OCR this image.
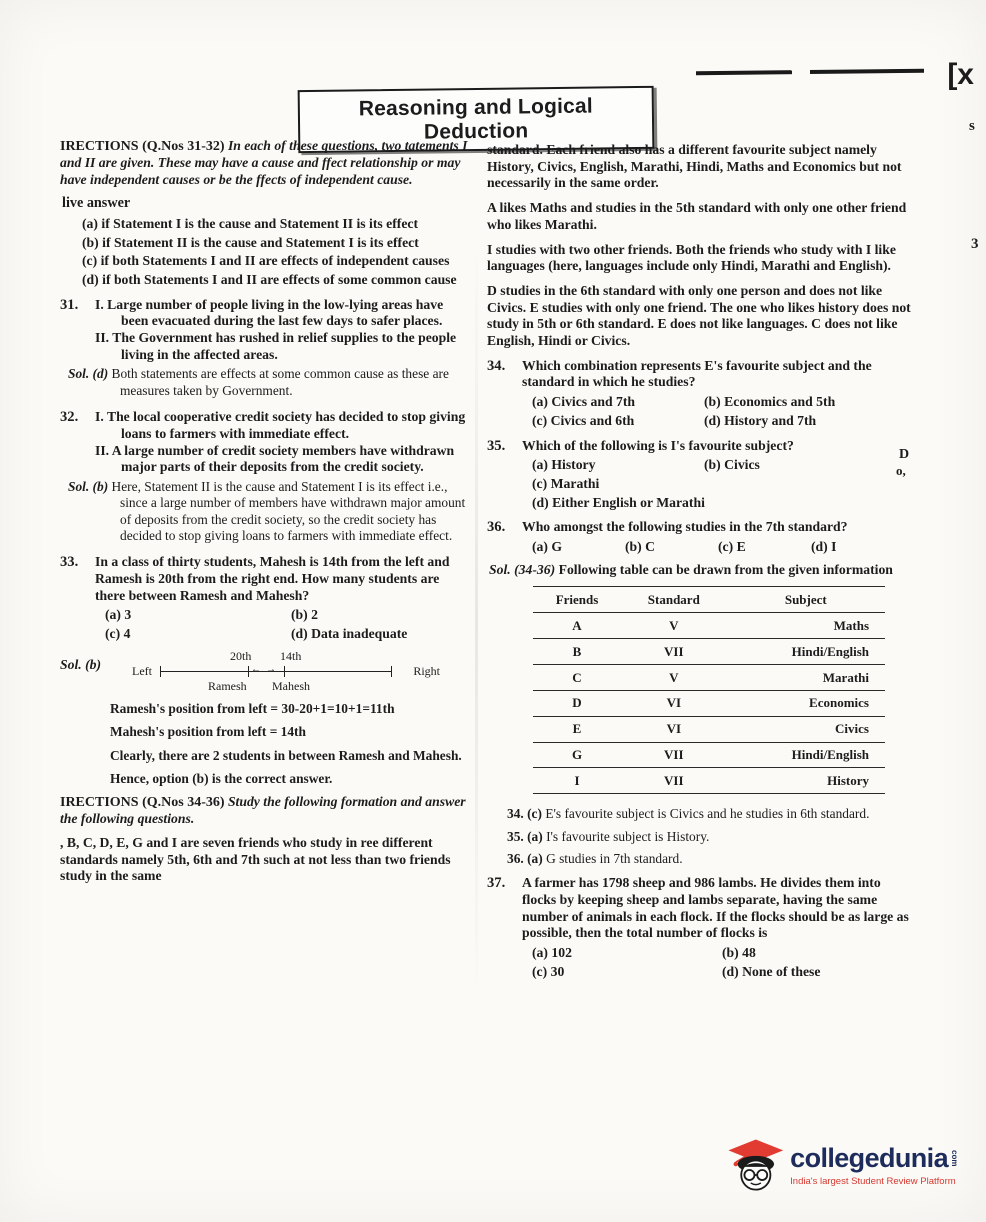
[x
s
3
D
o,
Reasoning and Logical Deduction
IRECTIONS (Q.Nos 31-32) In each of these questions, two tatements I and II are given. These may have a cause and ffect relationship or may have independent causes or be the ffects of independent cause.

live answer

(a) if Statement I is the cause and Statement II is its effect

(b) if Statement II is the cause and Statement I is its effect

(c) if both Statements I and II are effects of independent causes

(d) if both Statements I and II are effects of some common cause

31.	I. Large number of people living in the low-lying areas have been evacuated during the last few days to safer places.

II. The Government has rushed in relief supplies to the people living in the affected areas.

Sol. (d) Both statements are effects at some common cause as these are measures taken by Government.

32.	I. The local cooperative credit society has decided to stop giving loans to farmers with immediate effect.

II. A large number of credit society members have withdrawn major parts of their deposits from the credit society.

Sol. (b) Here, Statement II is the cause and Statement I is its effect i.e., since a large number of members have withdrawn major amount of deposits from the credit society, so the credit society has decided to stop giving loans to farmers with immediate effect.

33.	In a class of thirty students, Mahesh is 14th from the left and Ramesh is 20th from the right end. How many students are there between Ramesh and Mahesh?

(a) 3	(b) 2
(c) 4	(d) Data inadequate
Sol. (b)
20th 14th
Left	← →	Right
Ramesh Mahesh

Ramesh's position from left = 30-20+1=10+1=11th

Mahesh's position from left = 14th

Clearly, there are 2 students in between Ramesh and Mahesh.

Hence, option (b) is the correct answer.

IRECTIONS (Q.Nos 34-36) Study the following formation and answer the following questions.

, B, C, D, E, G and I are seven friends who study in ree different standards namely 5th, 6th and 7th such at not less than two friends study in the same

standard. Each friend also has a different favourite subject namely History, Civics, English, Marathi, Hindi, Maths and Economics but not necessarily in the same order.

A likes Maths and studies in the 5th standard with only one other friend who likes Marathi.

I studies with two other friends. Both the friends who study with I like languages (here, languages include only Hindi, Marathi and English).

D studies in the 6th standard with only one person and does not like Civics. E studies with only one friend. The one who likes history does not study in 5th or 6th standard. E does not like languages. C does not like English, Hindi or Civics.

34.	Which combination represents E's favourite subject and the standard in which he studies?

(a) Civics and 7th	(b) Economics and 5th
(c) Civics and 6th	(d) History and 7th
35.	Which of the following is I's favourite subject?

(a) History	(b) Civics
(c) Marathi
(d) Either English or Marathi
36.	Who amongst the following studies in the 7th standard?

(a) G	(b) C	(c) E	(d) I

Sol. (34-36) Following table can be drawn from the given information

Friends	Standard	Subject
A	V	Maths
B	VII	Hindi/English
C	V	Marathi
D	VI	Economics
E	VI	Civics
G	VII	Hindi/English
I	VII	History

34. (c) E's favourite subject is Civics and he studies in 6th standard.

35. (a) I's favourite subject is History.

36. (a) G studies in 7th standard.

37.	A farmer has 1798 sheep and 986 lambs. He divides them into flocks by keeping sheep and lambs separate, having the same number of animals in each flock. If the flocks should be as large as possible, then the total number of flocks is

(a) 102	(b) 48
(c) 30	(d) None of these
collegedunia com
India's largest Student Review Platform
